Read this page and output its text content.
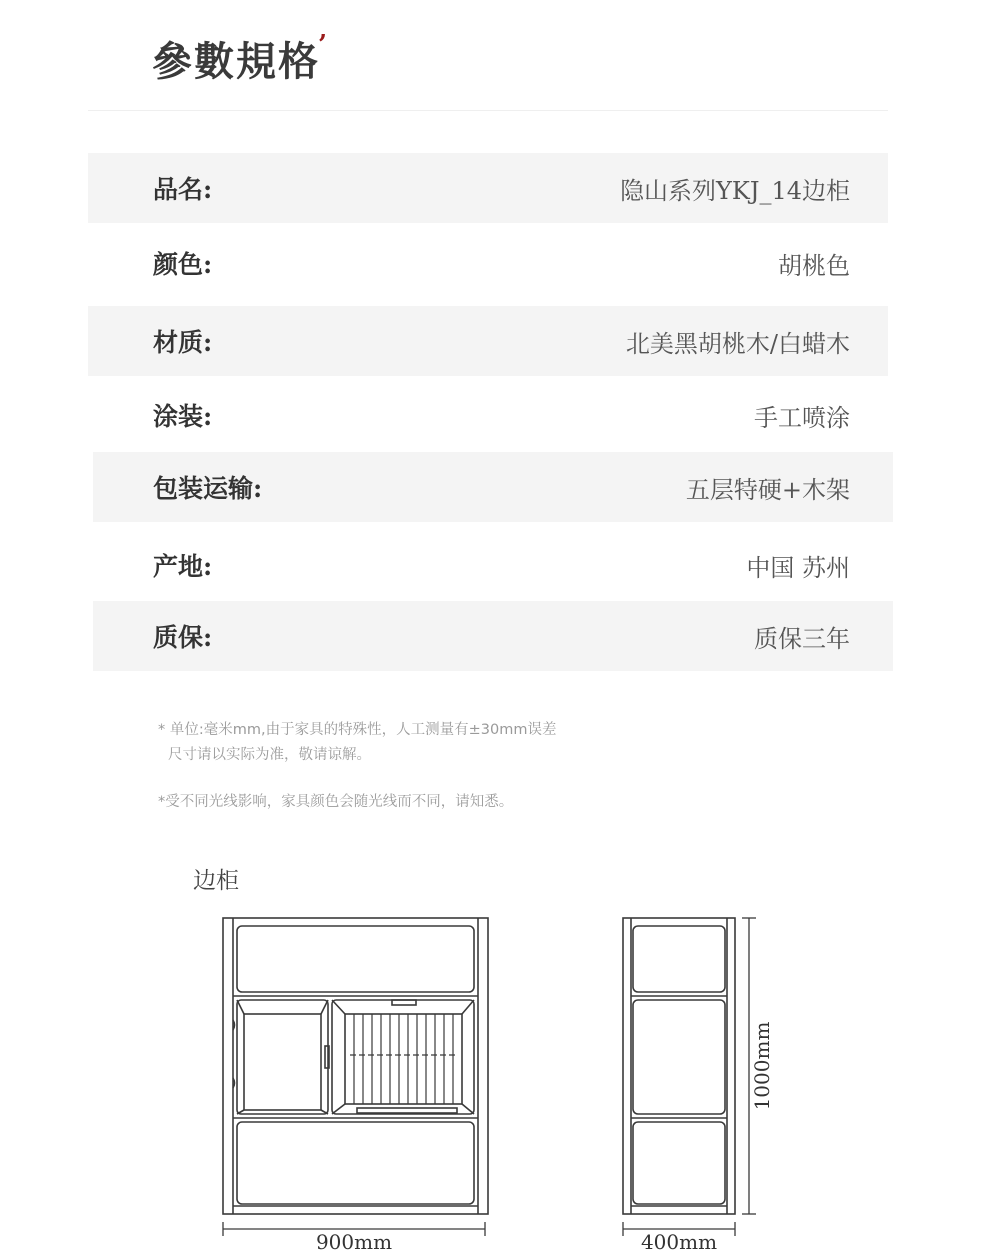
參數規格’
品名:	隐山系列YKJ_14边柜
颜色:	胡桃色
材质:	北美黑胡桃木/白蜡木
涂装:	手工喷涂
包装运输:	五层特硬+木架
产地:	中国 苏州
质保:	质保三年
* 单位:毫米mm,由于家具的特殊性，人工测量有±30mm误差
尺寸请以实际为准，敬请谅解。
*受不同光线影响，家具颜色会随光线而不同，请知悉。
边柜
900mm	400mm
1000mm
